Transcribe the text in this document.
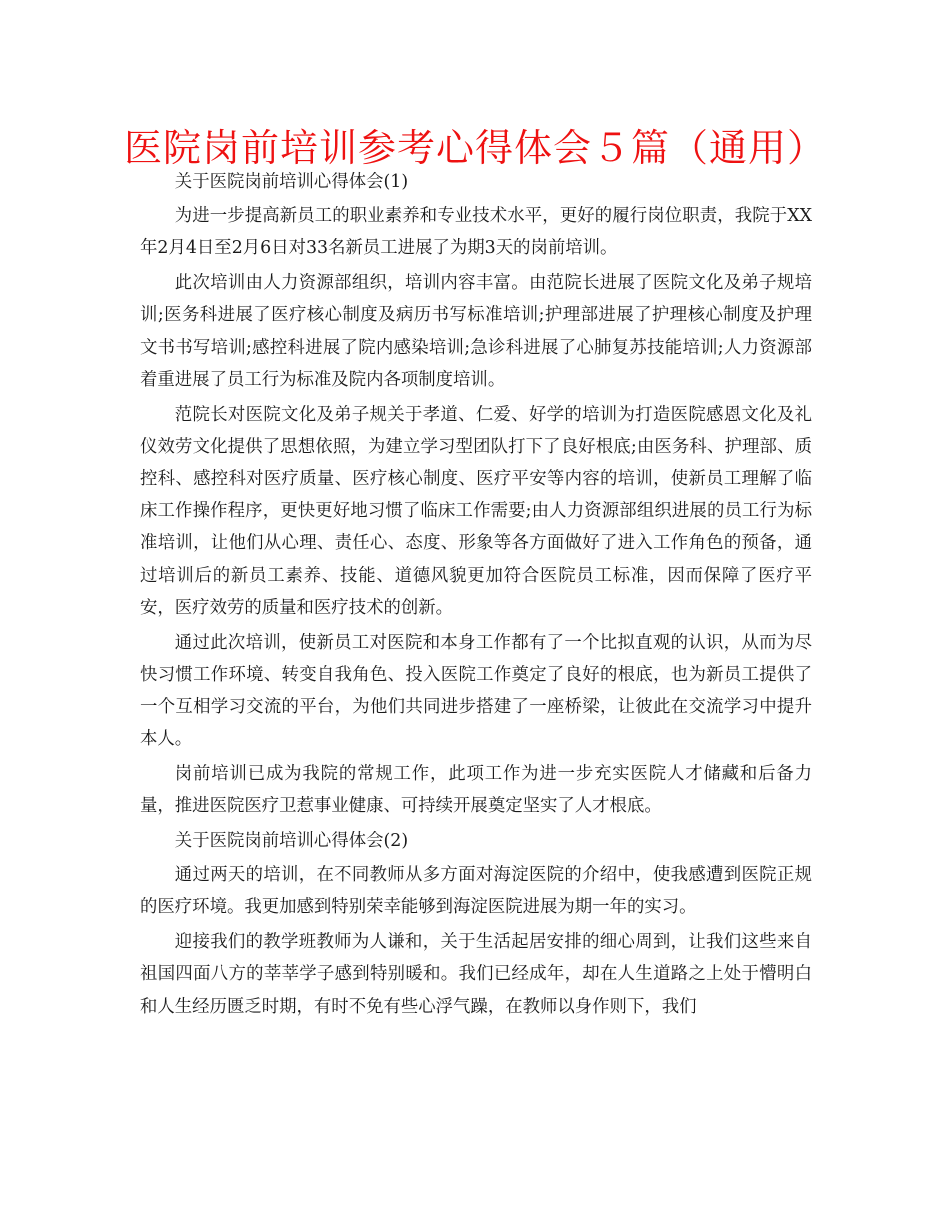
医院岗前培训参考心得体会５篇（通用）

关于医院岗前培训心得体会(1)

为进一步提高新员工的职业素养和专业技术水平，更好的履行岗位职责，我院于XX年2月4日至2月6日对33名新员工进展了为期3天的岗前培训。

此次培训由人力资源部组织，培训内容丰富。由范院长进展了医院文化及弟子规培训;医务科进展了医疗核心制度及病历书写标准培训;护理部进展了护理核心制度及护理文书书写培训;感控科进展了院内感染培训;急诊科进展了心肺复苏技能培训;人力资源部着重进展了员工行为标准及院内各项制度培训。

范院长对医院文化及弟子规关于孝道、仁爱、好学的培训为打造医院感恩文化及礼仪效劳文化提供了思想依照，为建立学习型团队打下了良好根底;由医务科、护理部、质控科、感控科对医疗质量、医疗核心制度、医疗平安等内容的培训，使新员工理解了临床工作操作程序，更快更好地习惯了临床工作需要;由人力资源部组织进展的员工行为标准培训，让他们从心理、责任心、态度、形象等各方面做好了进入工作角色的预备，通过培训后的新员工素养、技能、道德风貌更加符合医院员工标准，因而保障了医疗平安，医疗效劳的质量和医疗技术的创新。

通过此次培训，使新员工对医院和本身工作都有了一个比拟直观的认识，从而为尽快习惯工作环境、转变自我角色、投入医院工作奠定了良好的根底，也为新员工提供了一个互相学习交流的平台，为他们共同进步搭建了一座桥梁，让彼此在交流学习中提升本人。

岗前培训已成为我院的常规工作，此项工作为进一步充实医院人才储藏和后备力量，推进医院医疗卫惹事业健康、可持续开展奠定坚实了人才根底。

关于医院岗前培训心得体会(2)

通过两天的培训，在不同教师从多方面对海淀医院的介绍中，使我感遭到医院正规的医疗环境。我更加感到特别荣幸能够到海淀医院进展为期一年的实习。

迎接我们的教学班教师为人谦和，关于生活起居安排的细心周到，让我们这些来自祖国四面八方的莘莘学子感到特别暖和。我们已经成年，却在人生道路之上处于懵明白和人生经历匮乏时期，有时不免有些心浮气躁，在教师以身作则下，我们
